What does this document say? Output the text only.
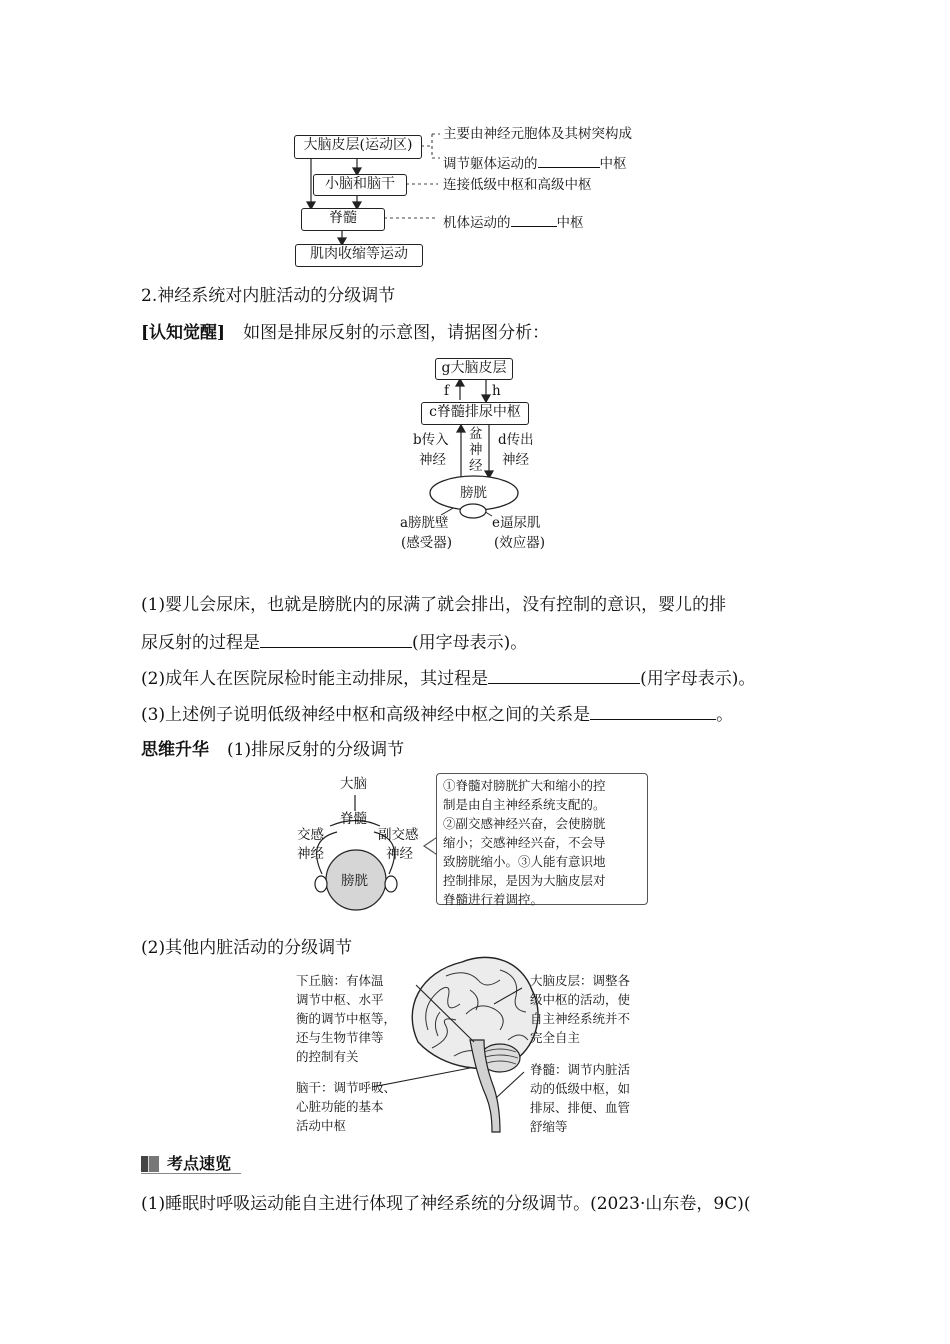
大脑皮层(运动区)
小脑和脑干
脊髓
肌肉收缩等运动
主要由神经元胞体及其树突构成
调节躯体运动的	中枢
连接低级中枢和高级中枢
机体运动的	中枢
2.神经系统对内脏活动的分级调节
[认知觉醒] 如图是排尿反射的示意图，请据图分析：
g大脑皮层
f	h
c脊髓排尿中枢
b传入
神经
盆
神
经
d传出
神经
膀胱
a膀胱壁
(感受器)
e逼尿肌
(效应器)
(1)婴儿会尿床，也就是膀胱内的尿满了就会排出，没有控制的意识，婴儿的排
尿反射的过程是	(用字母表示)。
(2)成年人在医院尿检时能主动排尿，其过程是	(用字母表示)。
(3)上述例子说明低级神经中枢和高级神经中枢之间的关系是	。
思维升华 (1)排尿反射的分级调节
大脑
脊髓
交感
神经
副交感
神经
膀胱
①脊髓对膀胱扩大和缩小的控
制是由自主神经系统支配的。
②副交感神经兴奋，会使膀胱
缩小；交感神经兴奋，不会导
致膀胱缩小。③人能有意识地
控制排尿，是因为大脑皮层对
脊髓进行着调控。
(2)其他内脏活动的分级调节
下丘脑：有体温
调节中枢、水平
衡的调节中枢等，
还与生物节律等
的控制有关
脑干：调节呼吸、
心脏功能的基本
活动中枢
大脑皮层：调整各
级中枢的活动，使
自主神经系统并不
完全自主
脊髓：调节内脏活
动的低级中枢，如
排尿、排便、血管
舒缩等
考点速览
(1)睡眠时呼吸运动能自主进行体现了神经系统的分级调节。(2023·山东卷，9C)(
